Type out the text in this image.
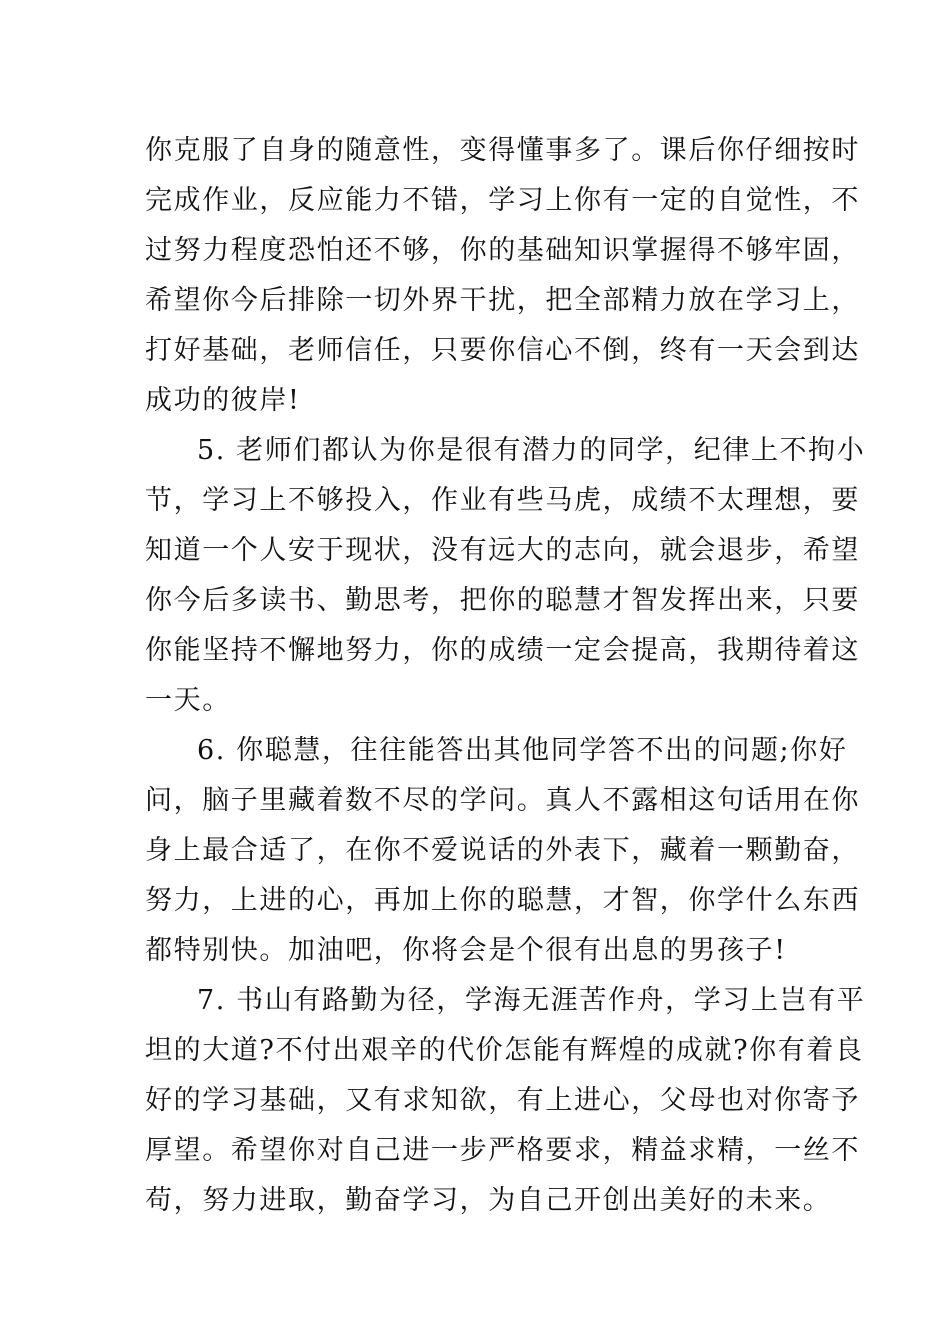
你克服了自身的随意性，变得懂事多了。课后你仔细按时
完成作业，反应能力不错，学习上你有一定的自觉性，不
过努力程度恐怕还不够，你的基础知识掌握得不够牢固，
希望你今后排除一切外界干扰，把全部精力放在学习上，
打好基础，老师信任，只要你信心不倒，终有一天会到达
成功的彼岸!
5. 老师们都认为你是很有潜力的同学，纪律上不拘小
节，学习上不够投入，作业有些马虎，成绩不太理想，要
知道一个人安于现状，没有远大的志向，就会退步，希望
你今后多读书、勤思考，把你的聪慧才智发挥出来，只要
你能坚持不懈地努力，你的成绩一定会提高，我期待着这
一天。
6. 你聪慧，往往能答出其他同学答不出的问题;你好
问，脑子里藏着数不尽的学问。真人不露相这句话用在你
身上最合适了，在你不爱说话的外表下，藏着一颗勤奋，
努力，上进的心，再加上你的聪慧，才智，你学什么东西
都特别快。加油吧，你将会是个很有出息的男孩子!
7. 书山有路勤为径，学海无涯苦作舟，学习上岂有平
坦的大道?不付出艰辛的代价怎能有辉煌的成就?你有着良
好的学习基础，又有求知欲，有上进心，父母也对你寄予
厚望。希望你对自己进一步严格要求，精益求精，一丝不
苟，努力进取，勤奋学习，为自己开创出美好的未来。
